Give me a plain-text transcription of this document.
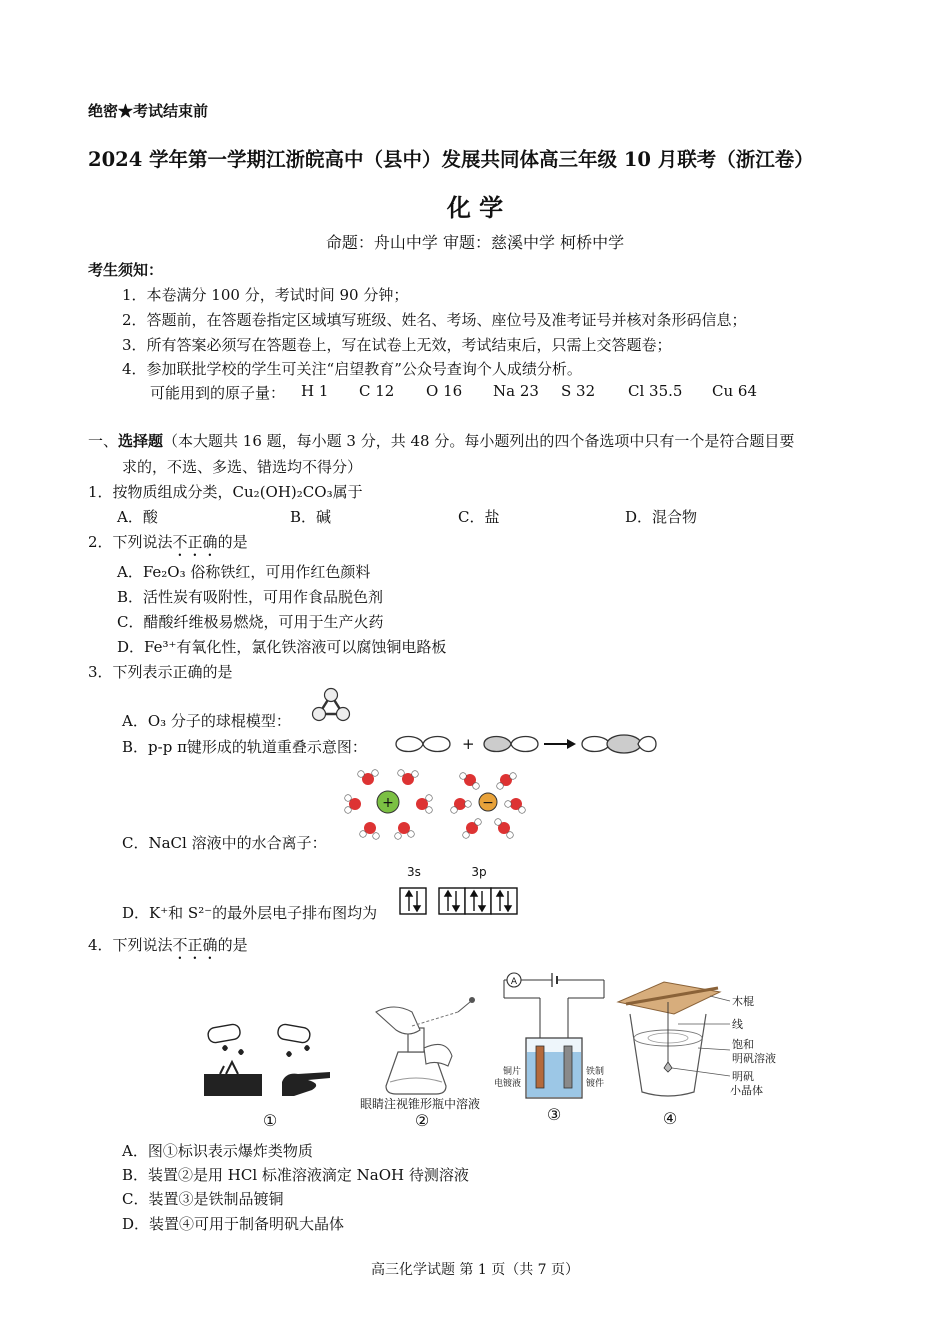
绝密★考试结束前
2024 学年第一学期江浙皖高中（县中）发展共同体高三年级 10 月联考（浙江卷）
化 学
命题：舟山中学 审题：慈溪中学 柯桥中学
考生须知：
1．本卷满分 100 分，考试时间 90 分钟；
2．答题前，在答题卷指定区域填写班级、姓名、考场、座位号及准考证号并核对条形码信息；
3．所有答案必须写在答题卷上，写在试卷上无效，考试结束后，只需上交答题卷；
4．参加联批学校的学生可关注“启望教育”公众号查询个人成绩分析。
可能用到的原子量： H 1 C 12 O 16 Na 23 S 32 Cl 35.5 Cu 64
一、选择题（本大题共 16 题，每小题 3 分，共 48 分。每小题列出的四个备选项中只有一个是符合题目要
求的，不选、多选、错选均不得分）
1．按物质组成分类，Cu₂(OH)₂CO₃属于
A．酸	B．碱	C．盐	D．混合物
2．下列说法不正确的是
A．Fe₂O₃ 俗称铁红，可用作红色颜料
B．活性炭有吸附性，可用作食品脱色剂
C．醋酸纤维极易燃烧，可用于生产火药
D．Fe³⁺有氧化性，氯化铁溶液可以腐蚀铜电路板
3．下列表示正确的是
A．O₃ 分子的球棍模型：
B．p-p π键形成的轨道重叠示意图：	+
C．NaCl 溶液中的水合离子：
+	−
D．K⁺和 S²⁻的最外层电子排布图均为
3s	3p
4．下列说法不正确的是
①
眼睛注视锥形瓶中溶液
②
A
铜片
电镀液
铁制
镀件
③
木棍
线
饱和
明矾溶液
明矾
小晶体
④
A．图①标识表示爆炸类物质
B．装置②是用 HCl 标准溶液滴定 NaOH 待测溶液
C．装置③是铁制品镀铜
D．装置④可用于制备明矾大晶体
高三化学试题 第 1 页（共 7 页）
